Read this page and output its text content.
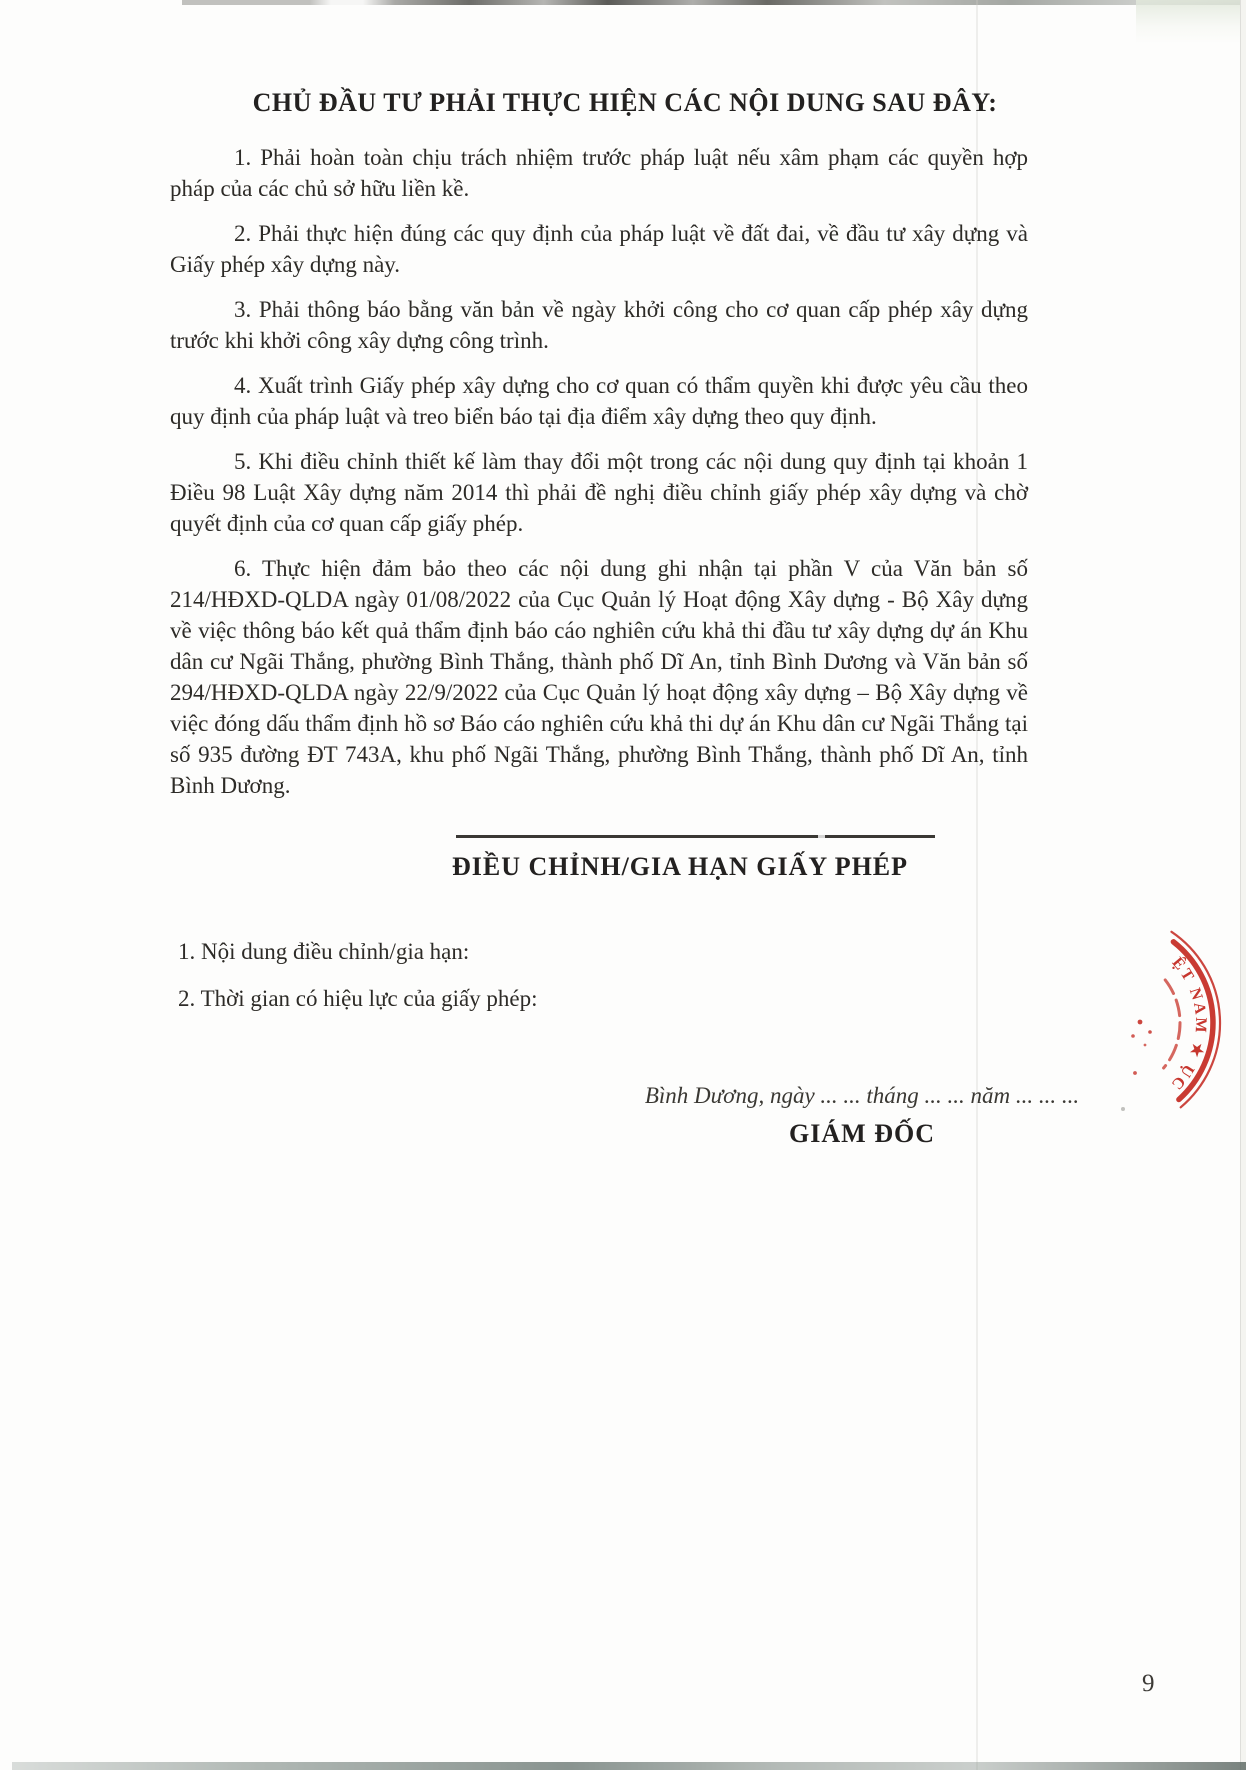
CHỦ ĐẦU TƯ PHẢI THỰC HIỆN CÁC NỘI DUNG SAU ĐÂY:

1. Phải hoàn toàn chịu trách nhiệm trước pháp luật nếu xâm phạm các quyền hợp pháp của các chủ sở hữu liền kề.

2. Phải thực hiện đúng các quy định của pháp luật về đất đai, về đầu tư xây dựng và Giấy phép xây dựng này.

3. Phải thông báo bằng văn bản về ngày khởi công cho cơ quan cấp phép xây dựng trước khi khởi công xây dựng công trình.

4. Xuất trình Giấy phép xây dựng cho cơ quan có thẩm quyền khi được yêu cầu theo quy định của pháp luật và treo biển báo tại địa điểm xây dựng theo quy định.

5. Khi điều chỉnh thiết kế làm thay đổi một trong các nội dung quy định tại khoản 1 Điều 98 Luật Xây dựng năm 2014 thì phải đề nghị điều chỉnh giấy phép xây dựng và chờ quyết định của cơ quan cấp giấy phép.

6. Thực hiện đảm bảo theo các nội dung ghi nhận tại phần V của Văn bản số 214/HĐXD-QLDA ngày 01/08/2022 của Cục Quản lý Hoạt động Xây dựng - Bộ Xây dựng về việc thông báo kết quả thẩm định báo cáo nghiên cứu khả thi đầu tư xây dựng dự án Khu dân cư Ngãi Thắng, phường Bình Thắng, thành phố Dĩ An, tỉnh Bình Dương và Văn bản số 294/HĐXD-QLDA ngày 22/9/2022 của Cục Quản lý hoạt động xây dựng – Bộ Xây dựng về việc đóng dấu thẩm định hồ sơ Báo cáo nghiên cứu khả thi dự án Khu dân cư Ngãi Thắng tại số 935 đường ĐT 743A, khu phố Ngãi Thắng, phường Bình Thắng, thành phố Dĩ An, tỉnh Bình Dương.

ĐIỀU CHỈNH/GIA HẠN GIẤY PHÉP

1. Nội dung điều chỉnh/gia hạn:

2. Thời gian có hiệu lực của giấy phép:

Bình Dương, ngày ... ... tháng ... ... năm ... ... ...

GIÁM ĐỐC

ỆT NAM ★ ỤC
9
